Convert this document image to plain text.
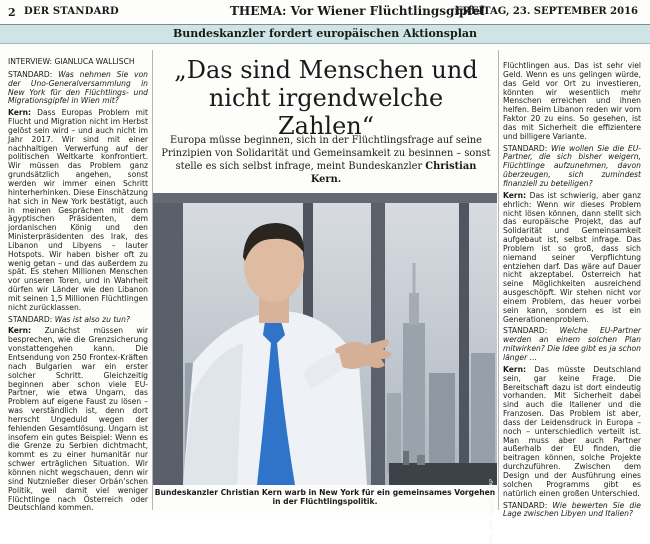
2 DER STANDARD	THEMA: Vor Wiener Flüchtlingsgipfel
FREITAG, 23. SEPTEMBER 2016
Bundeskanzler fordert europäischen Aktionsplan

INTERVIEW: GIANLUCA WALLISCH

STANDARD: Was nehmen Sie von der Uno-Generalversammlung in New York für den Flüchtlings- und Migrationsgipfel in Wien mit?

Kern: Dass Europas Problem mit Flucht und Migration nicht im Herbst gelöst sein wird – und auch nicht im Jahr 2017. Wir sind mit einer nachhaltigen Verwerfung auf der politischen Weltkarte konfrontiert. Wir müssen das Problem ganz grundsätzlich angehen, sonst werden wir immer einen Schritt hinterherhinken. Diese Einschätzung hat sich in New York bestätigt, auch in meinen Gesprächen mit dem ägyptischen Präsidenten, dem jordanischen König und den Ministerpräsidenten des Irak, des Libanon und Libyens – lauter Hotspots. Wir haben bisher oft zu wenig getan – und das außerdem zu spät. Es stehen Millionen Menschen vor unseren Toren, und in Wahrheit dürfen wir Länder wie den Libanon mit seinen 1,5 Millionen Flüchtlingen nicht zurücklassen.

STANDARD: Was ist also zu tun?

Kern: Zunächst müssen wir besprechen, wie die Grenzsicherung vonstattengehen kann. Die Entsendung von 250 Frontex-Kräften nach Bulgarien war ein erster solcher Schritt. Gleichzeitig beginnen aber schon viele EU-Partner, wie etwa Ungarn, das Problem auf eigene Faust zu lösen – was verständlich ist, denn dort herrscht Ungeduld wegen der fehlenden Gesamtlösung. Ungarn ist insofern ein gutes Beispiel: Wenn es die Grenze zu Serbien dichtmacht, kommt es zu einer humanitär nur schwer erträglichen Situation. Wir können nicht wegschauen, denn wir sind Nutznießer dieser Orbán’schen Politik, weil damit viel weniger Flüchtlinge nach Österreich oder Deutschland kommen.

„Das sind Menschen und
nicht irgendwelche Zahlen“

Europa müsse beginnen, sich in der Flüchtlingsfrage auf seine Prinzipien von Solidarität und Gemeinsamkeit zu besinnen – sonst stelle es sich selbst infrage, meint Bundeskanzler Christian Kern.

Foto: EPA / Andy Rain/KAP
Bundeskanzler Christian Kern warb in New York für ein gemeinsames Vorgehen in der Flüchtlingspolitik.

Flüchtlingen aus. Das ist sehr viel Geld. Wenn es uns gelingen würde, das Geld vor Ort zu investieren, könnten wir wesentlich mehr Menschen erreichen und ihnen helfen. Beim Libanon reden wir vom Faktor 20 zu eins. So gesehen, ist das mit Sicherheit die effizientere und billigere Variante.

STANDARD: Wie wollen Sie die EU-Partner, die sich bisher weigern, Flüchtlinge aufzunehmen, davon überzeugen, sich zumindest finanziell zu beteiligen?

Kern: Das ist schwierig, aber ganz ehrlich: Wenn wir dieses Problem nicht lösen können, dann stellt sich das europäische Projekt, das auf Solidarität und Gemeinsamkeit aufgebaut ist, selbst infrage. Das Problem ist so groß, dass sich niemand seiner Verpflichtung entziehen darf. Das wäre auf Dauer nicht akzeptabel. Österreich hat seine Möglichkeiten ausreichend ausgeschöpft. Wir stehen nicht vor einem Problem, das heuer vorbei sein kann, sondern es ist ein Generationenproblem.

STANDARD: Welche EU-Partner werden an einem solchen Plan mitwirken? Die Idee gibt es ja schon länger …

Kern: Das müsste Deutschland sein, gar keine Frage. Die Bereitschaft dazu ist dort eindeutig vorhanden. Mit Sicherheit dabei sind auch die Italiener und die Franzosen. Das Problem ist aber, dass der Leidensdruck in Europa – noch – unterschiedlich verteilt ist. Man muss aber auch Partner außerhalb der EU finden, die beitragen können, solche Projekte durchzuführen. Zwischen dem Design und der Ausführung eines solchen Programms gibt es natürlich einen großen Unterschied.

STANDARD: Wie bewerten Sie die Lage zwischen Libyen und Italien?
